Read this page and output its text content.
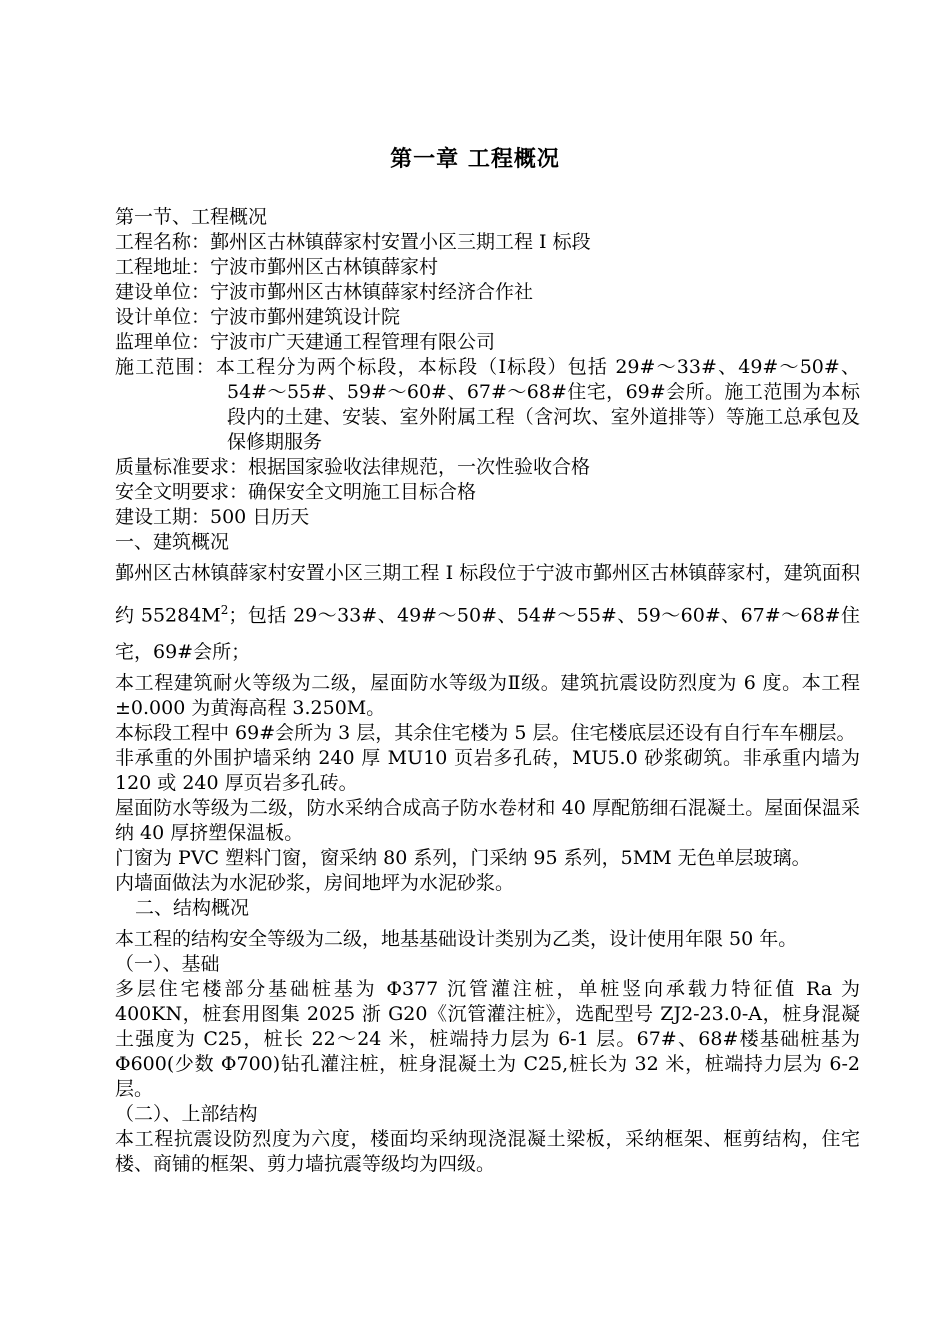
第一章 工程概况
第一节、工程概况
工程名称：鄞州区古林镇薛家村安置小区三期工程 I 标段
工程地址：宁波市鄞州区古林镇薛家村
建设单位：宁波市鄞州区古林镇薛家村经济合作社
设计单位：宁波市鄞州建筑设计院
监理单位：宁波市广天建通工程管理有限公司
施工范围：本工程分为两个标段，本标段（Ⅰ标段）包括 29#～33#、49#～50#、54#～55#、59#～60#、67#～68#住宅，69#会所。施工范围为本标段内的土建、安装、室外附属工程（含河坎、室外道排等）等施工总承包及保修期服务
质量标准要求：根据国家验收法律规范，一次性验收合格
安全文明要求：确保安全文明施工目标合格
建设工期：500 日历天
一、建筑概况
鄞州区古林镇薛家村安置小区三期工程 I 标段位于宁波市鄞州区古林镇薛家村，建筑面积约 $55284M^2$；包括 29～33#、49#～50#、54#～55#、59～60#、67#～68#住宅，69#会所；
本工程建筑耐火等级为二级，屋面防水等级为Ⅱ级。建筑抗震设防烈度为 6 度。本工程±0.000 为黄海高程 3.250M。
本标段工程中 69#会所为 3 层，其余住宅楼为 5 层。住宅楼底层还设有自行车车棚层。
非承重的外围护墙采纳 240 厚 MU10 页岩多孔砖，MU5.0 砂浆砌筑。非承重内墙为 120 或 240 厚页岩多孔砖。
屋面防水等级为二级，防水采纳合成高子防水卷材和 40 厚配筋细石混凝土。屋面保温采纳 40 厚挤塑保温板。
门窗为 PVC 塑料门窗，窗采纳 80 系列，门采纳 95 系列，5MM 无色单层玻璃。
内墙面做法为水泥砂浆，房间地坪为水泥砂浆。
二、结构概况
本工程的结构安全等级为二级，地基基础设计类别为乙类，设计使用年限 50 年。
（一）、基础
多层住宅楼部分基础桩基为 Φ377 沉管灌注桩，单桩竖向承载力特征值 Ra 为 400KN，桩套用图集 2025 浙 G20《沉管灌注桩》，选配型号 ZJ2-23.0-A，桩身混凝土强度为 C25，桩长 22～24 米，桩端持力层为 6-1 层。67#、68#楼基础桩基为 Φ600(少数 Φ700)钻孔灌注桩，桩身混凝土为 C25,桩长为 32 米，桩端持力层为 6-2 层。
（二）、上部结构
本工程抗震设防烈度为六度，楼面均采纳现浇混凝土梁板，采纳框架、框剪结构，住宅楼、商铺的框架、剪力墙抗震等级均为四级。
